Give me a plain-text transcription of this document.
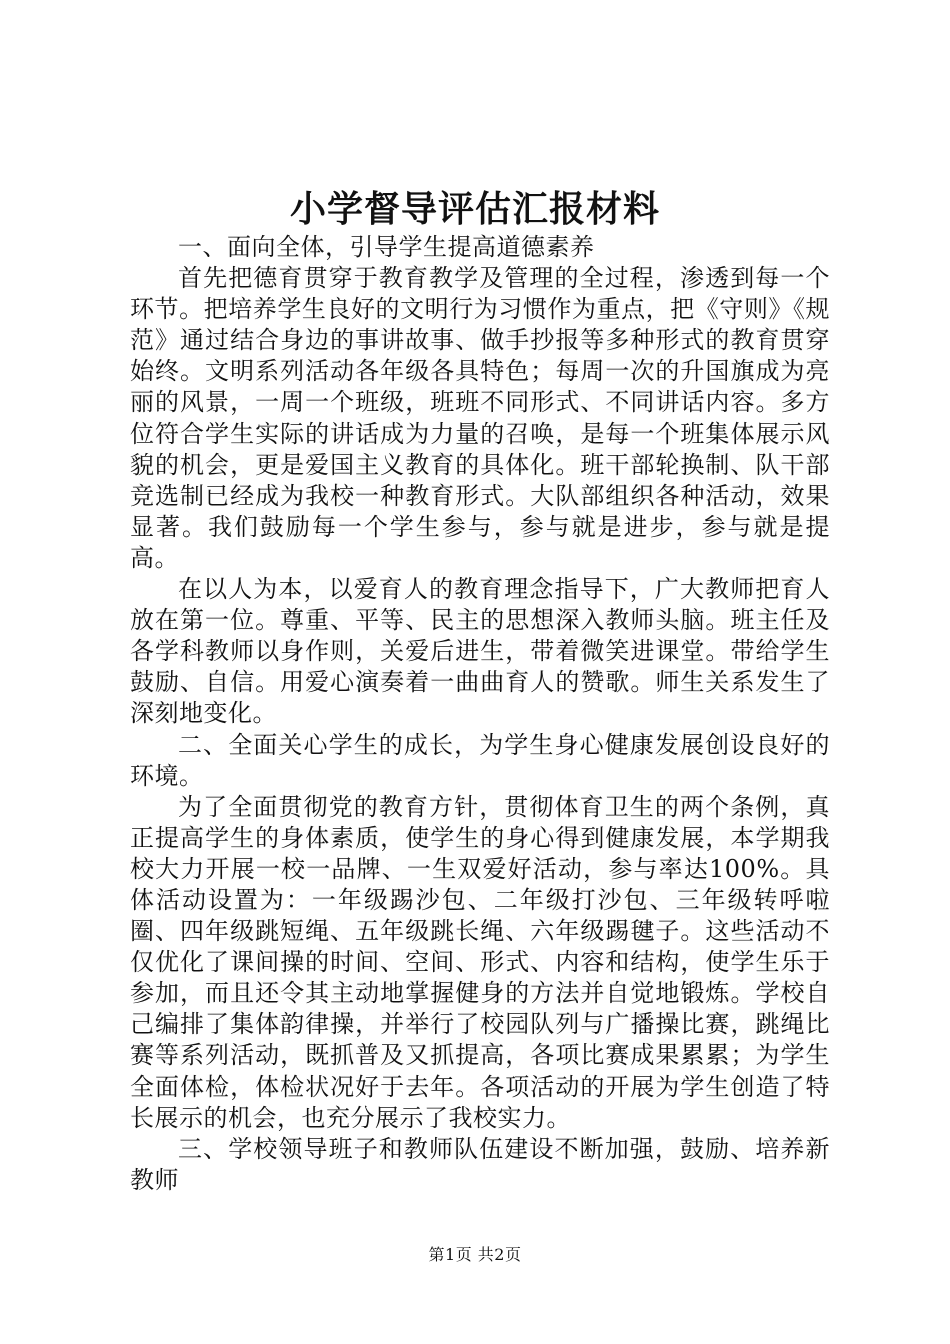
小学督导评估汇报材料

一、面向全体，引导学生提高道德素养

首先把德育贯穿于教育教学及管理的全过程，渗透到每一个环节。把培养学生良好的文明行为习惯作为重点，把《守则》《规范》通过结合身边的事讲故事、做手抄报等多种形式的教育贯穿始终。文明系列活动各年级各具特色；每周一次的升国旗成为亮丽的风景，一周一个班级，班班不同形式、不同讲话内容。多方位符合学生实际的讲话成为力量的召唤，是每一个班集体展示风貌的机会，更是爱国主义教育的具体化。班干部轮换制、队干部竞选制已经成为我校一种教育形式。大队部组织各种活动，效果显著。我们鼓励每一个学生参与，参与就是进步，参与就是提高。

在以人为本，以爱育人的教育理念指导下，广大教师把育人放在第一位。尊重、平等、民主的思想深入教师头脑。班主任及各学科教师以身作则，关爱后进生，带着微笑进课堂。带给学生鼓励、自信。用爱心演奏着一曲曲育人的赞歌。师生关系发生了深刻地变化。

二、全面关心学生的成长，为学生身心健康发展创设良好的环境。

为了全面贯彻党的教育方针，贯彻体育卫生的两个条例，真正提高学生的身体素质，使学生的身心得到健康发展，本学期我校大力开展一校一品牌、一生双爱好活动，参与率达100%。具体活动设置为：一年级踢沙包、二年级打沙包、三年级转呼啦圈、四年级跳短绳、五年级跳长绳、六年级踢毽子。这些活动不仅优化了课间操的时间、空间、形式、内容和结构，使学生乐于参加，而且还令其主动地掌握健身的方法并自觉地锻炼。学校自己编排了集体韵律操，并举行了校园队列与广播操比赛，跳绳比赛等系列活动，既抓普及又抓提高，各项比赛成果累累；为学生全面体检，体检状况好于去年。各项活动的开展为学生创造了特长展示的机会，也充分展示了我校实力。

三、学校领导班子和教师队伍建设不断加强，鼓励、培养新教师

第1页 共2页
